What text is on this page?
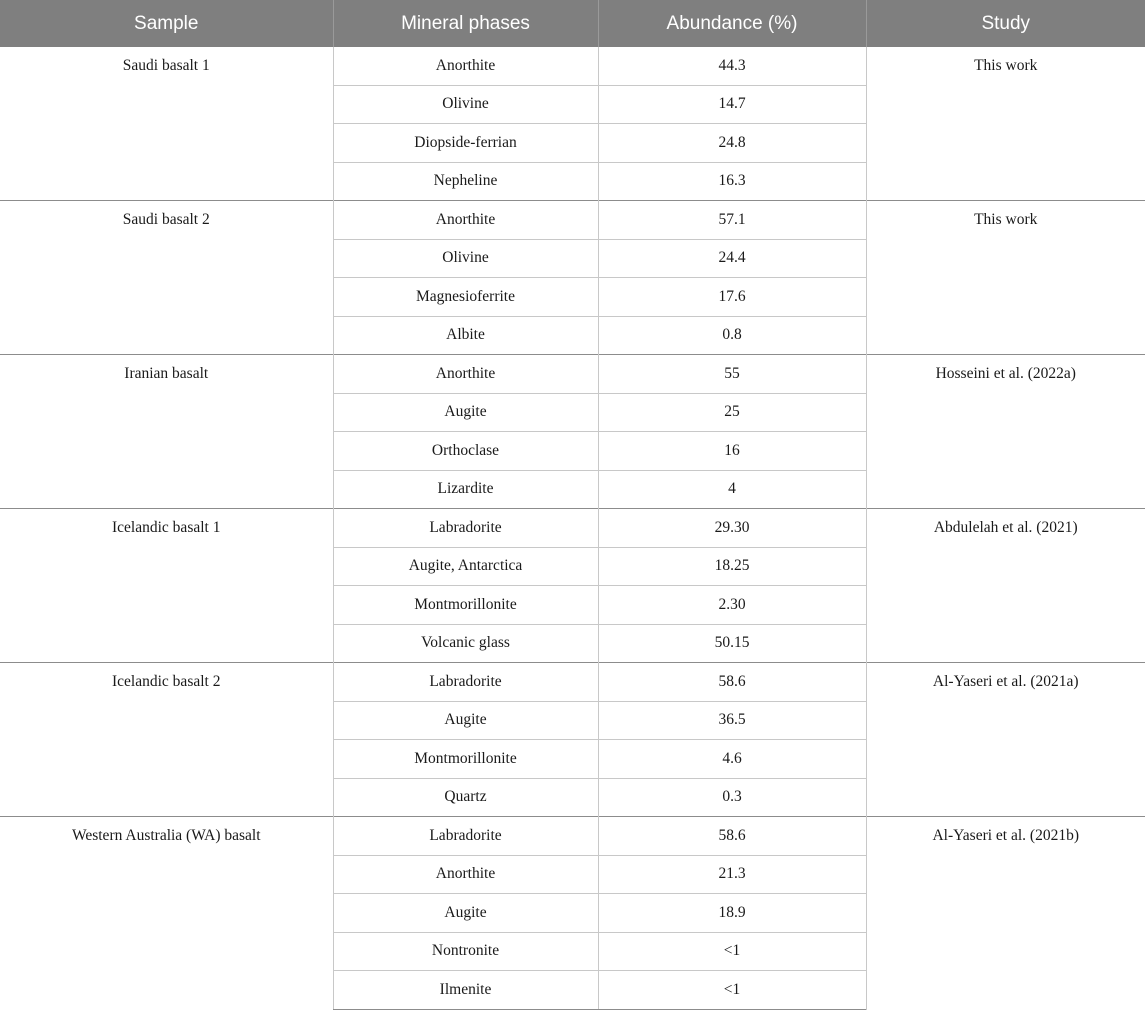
Sample	Mineral phases	Abundance (%)	Study
Saudi basalt 1	Anorthite	44.3	This work
	Olivine	14.7	
	Diopside-ferrian	24.8	
	Nepheline	16.3	
Saudi basalt 2	Anorthite	57.1	This work
	Olivine	24.4	
	Magnesioferrite	17.6	
	Albite	0.8	
Iranian basalt	Anorthite	55	Hosseini et al. (2022a)
	Augite	25	
	Orthoclase	16	
	Lizardite	4	
Icelandic basalt 1	Labradorite	29.30	Abdulelah et al. (2021)
	Augite, Antarctica	18.25	
	Montmorillonite	2.30	
	Volcanic glass	50.15	
Icelandic basalt 2	Labradorite	58.6	Al-Yaseri et al. (2021a)
	Augite	36.5	
	Montmorillonite	4.6	
	Quartz	0.3	
Western Australia (WA) basalt	Labradorite	58.6	Al-Yaseri et al. (2021b)
	Anorthite	21.3	
	Augite	18.9	
	Nontronite	<1	
	Ilmenite	<1	
